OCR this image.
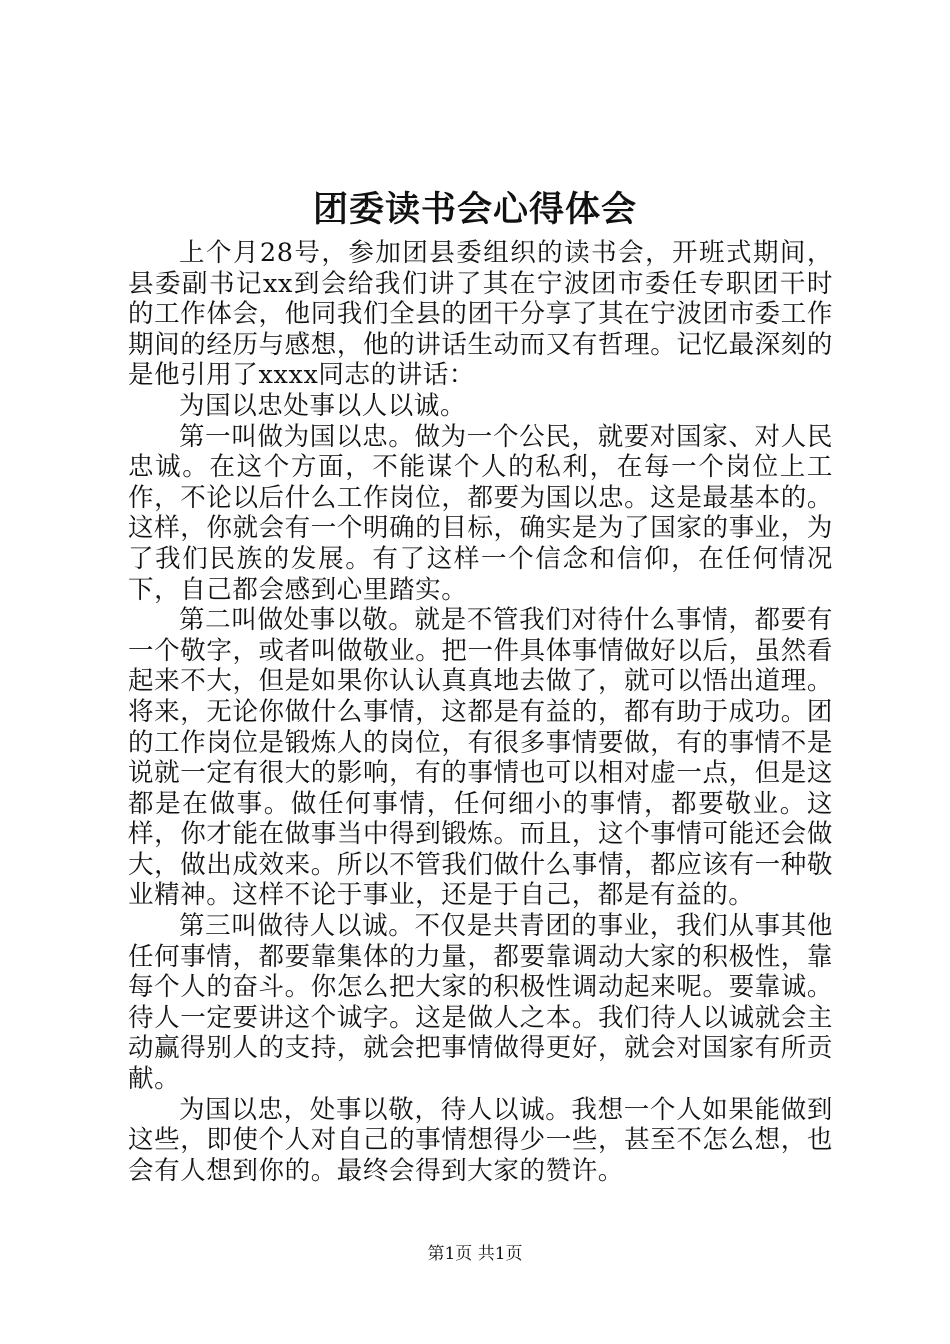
团委读书会心得体会

上个月28号，参加团县委组织的读书会，开班式期间，县委副书记xx到会给我们讲了其在宁波团市委任专职团干时的工作体会，他同我们全县的团干分享了其在宁波团市委工作期间的经历与感想，他的讲话生动而又有哲理。记忆最深刻的是他引用了xxxx同志的讲话：

为国以忠处事以人以诚。

第一叫做为国以忠。做为一个公民，就要对国家、对人民忠诚。在这个方面，不能谋个人的私利，在每一个岗位上工作，不论以后什么工作岗位，都要为国以忠。这是最基本的。这样，你就会有一个明确的目标，确实是为了国家的事业，为了我们民族的发展。有了这样一个信念和信仰，在任何情况下，自己都会感到心里踏实。

第二叫做处事以敬。就是不管我们对待什么事情，都要有一个敬字，或者叫做敬业。把一件具体事情做好以后，虽然看起来不大，但是如果你认认真真地去做了，就可以悟出道理。将来，无论你做什么事情，这都是有益的，都有助于成功。团的工作岗位是锻炼人的岗位，有很多事情要做，有的事情不是说就一定有很大的影响，有的事情也可以相对虚一点，但是这都是在做事。做任何事情，任何细小的事情，都要敬业。这样，你才能在做事当中得到锻炼。而且，这个事情可能还会做大，做出成效来。所以不管我们做什么事情，都应该有一种敬业精神。这样不论于事业，还是于自己，都是有益的。

第三叫做待人以诚。不仅是共青团的事业，我们从事其他任何事情，都要靠集体的力量，都要靠调动大家的积极性，靠每个人的奋斗。你怎么把大家的积极性调动起来呢。要靠诚。待人一定要讲这个诚字。这是做人之本。我们待人以诚就会主动赢得别人的支持，就会把事情做得更好，就会对国家有所贡献。

为国以忠，处事以敬，待人以诚。我想一个人如果能做到这些，即使个人对自己的事情想得少一些，甚至不怎么想，也会有人想到你的。最终会得到大家的赞许。

第1页 共1页
